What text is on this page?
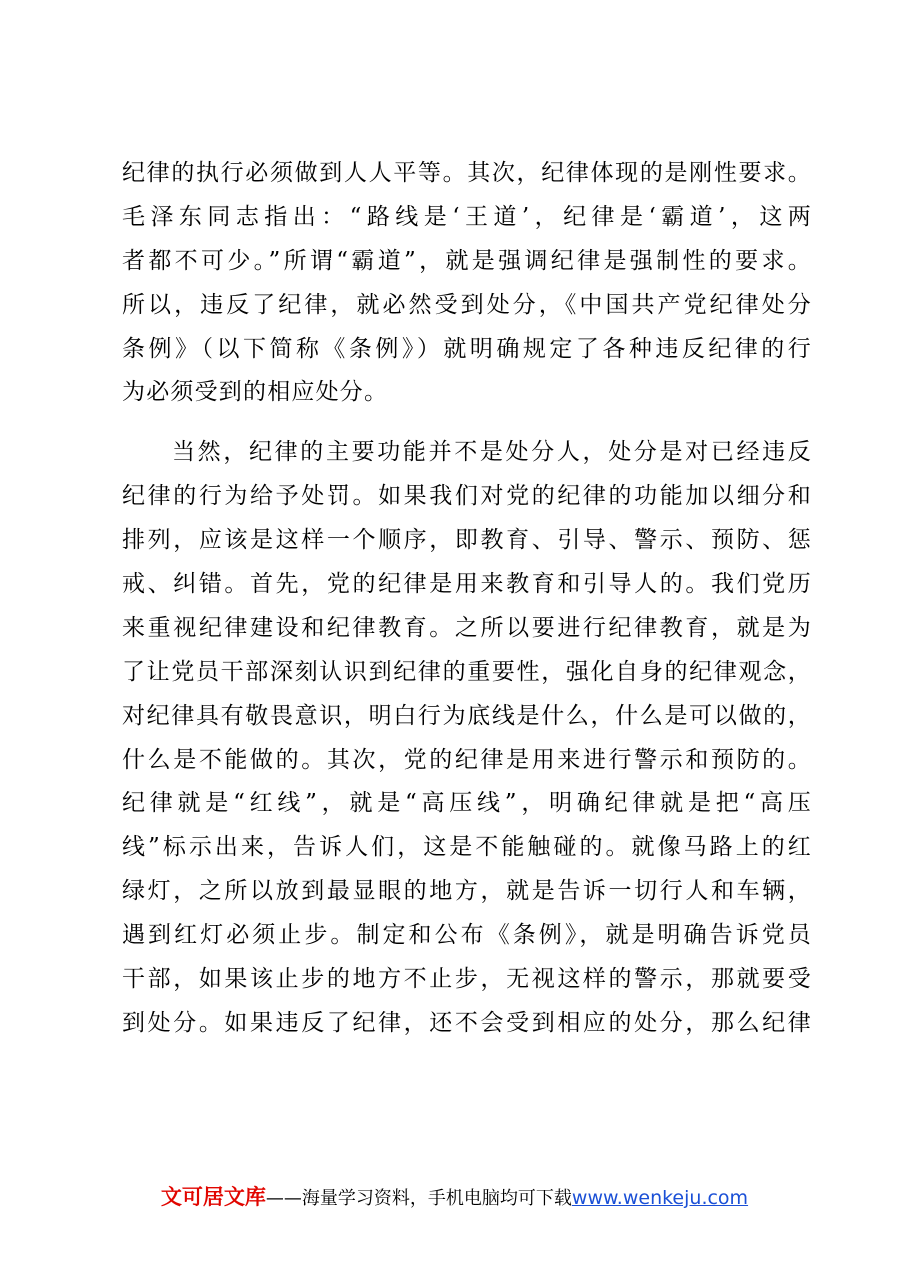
纪律的执行必须做到人人平等。其次，纪律体现的是刚性要求。
毛泽东同志指出：“路线是‘王道’，纪律是‘霸道’，这两
者都不可少。”所谓“霸道”，就是强调纪律是强制性的要求。
所以，违反了纪律，就必然受到处分，《中国共产党纪律处分
条例》（以下简称《条例》）就明确规定了各种违反纪律的行
为必须受到的相应处分。
当然，纪律的主要功能并不是处分人，处分是对已经违反
纪律的行为给予处罚。如果我们对党的纪律的功能加以细分和
排列，应该是这样一个顺序，即教育、引导、警示、预防、惩
戒、纠错。首先，党的纪律是用来教育和引导人的。我们党历
来重视纪律建设和纪律教育。之所以要进行纪律教育，就是为
了让党员干部深刻认识到纪律的重要性，强化自身的纪律观念，
对纪律具有敬畏意识，明白行为底线是什么，什么是可以做的，
什么是不能做的。其次，党的纪律是用来进行警示和预防的。
纪律就是“红线”，就是“高压线”，明确纪律就是把“高压
线”标示出来，告诉人们，这是不能触碰的。就像马路上的红
绿灯，之所以放到最显眼的地方，就是告诉一切行人和车辆，
遇到红灯必须止步。制定和公布《条例》，就是明确告诉党员
干部，如果该止步的地方不止步，无视这样的警示，那就要受
到处分。如果违反了纪律，还不会受到相应的处分，那么纪律
文可居文库——海量学习资料，手机电脑均可下载www.wenkeju.com
